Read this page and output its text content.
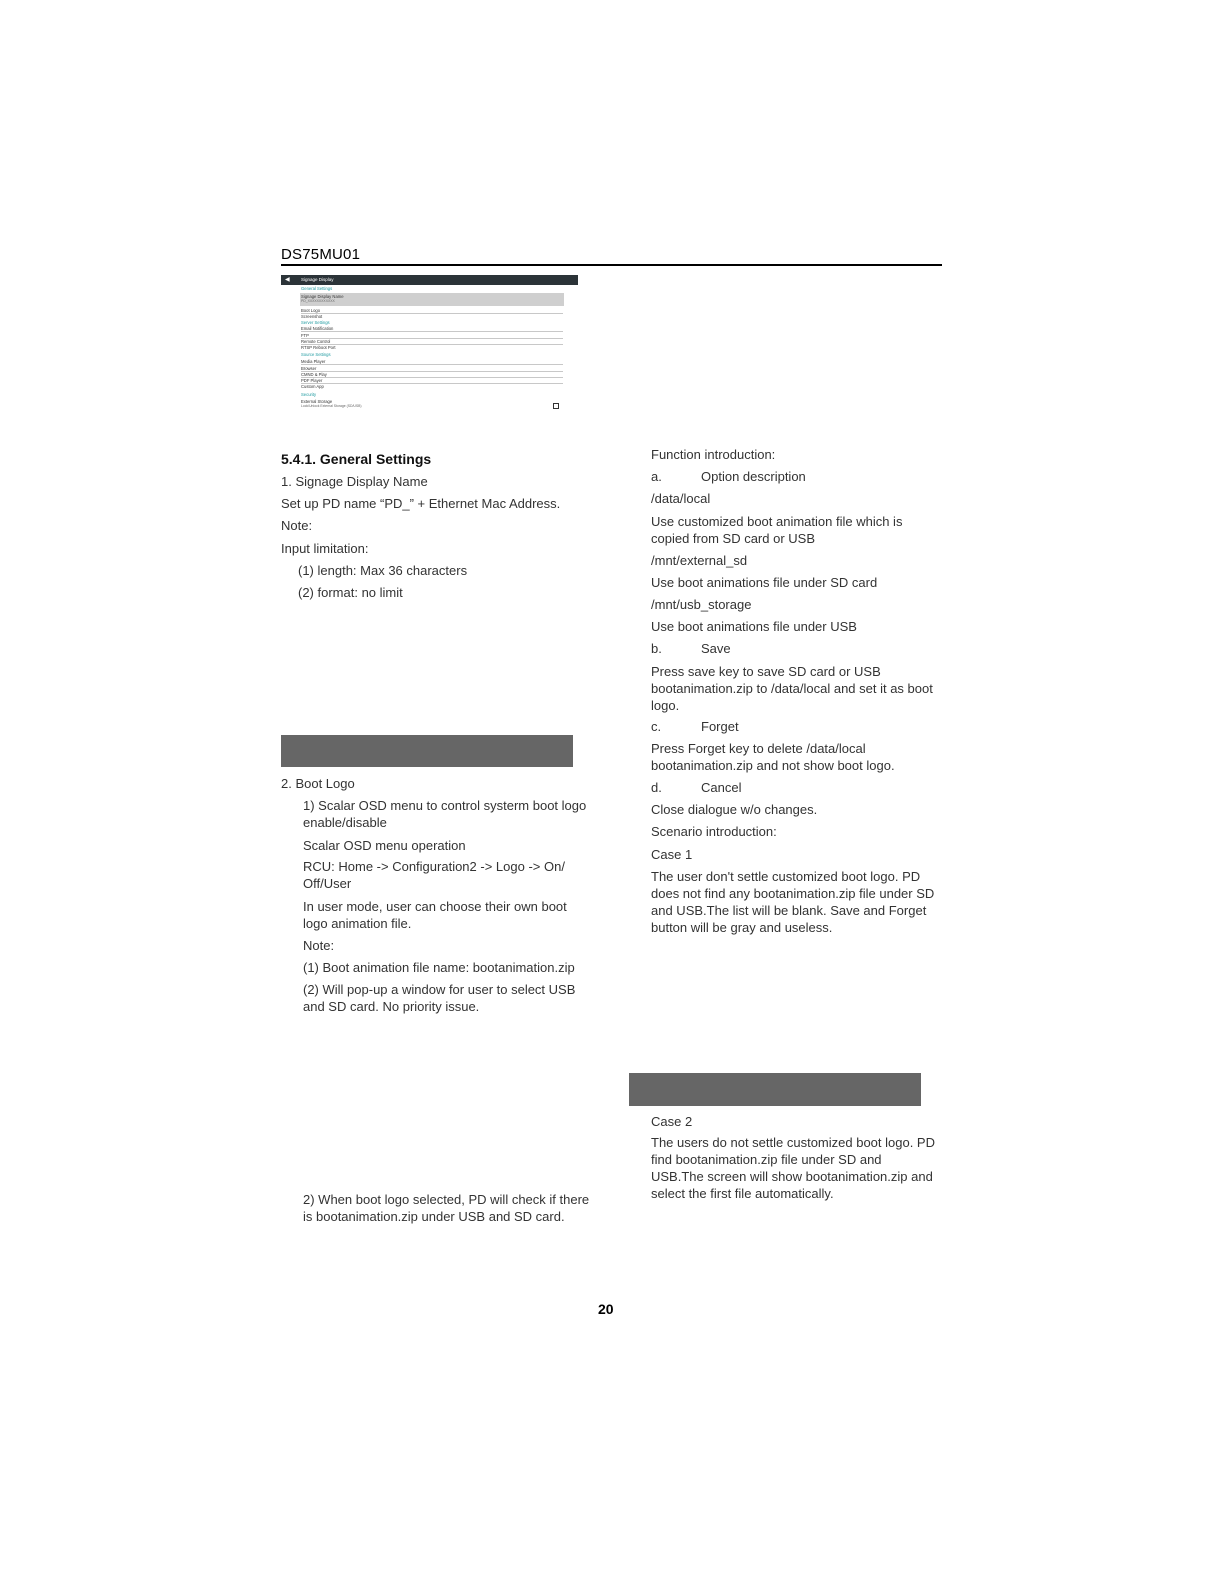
DS75MU01
◀	Signage Display
General Settings
Signage Display Name
PD_XXXXXXXXXXXX
Boot Logo
Screenshot
Server Settings
Email Notification
FTP
Remote Control
RTSP Reboot Port
Source Settings
Media Player
Browser
CMND & Play
PDF Player
Custom App
Security
External Storage
Lock/Unlock External Storage (SD/USB)
5.4.1. General Settings
1. Signage Display Name
Set up PD name “PD_” + Ethernet Mac Address.
Note:
Input limitation:
(1) length: Max 36 characters
(2) format: no limit
2. Boot Logo
1) Scalar OSD menu to control systerm boot logo enable/disable
Scalar OSD menu operation
RCU: Home -> Configuration2 -> Logo -> On/ Off/User
In user mode, user can choose their own boot logo animation file.
Note:
(1) Boot animation file name: bootanimation.zip
(2) Will pop-up a window for user to select USB and SD card. No priority issue.
2) When boot logo selected, PD will check if there is bootanimation.zip under USB and SD card.
Function introduction:
a.	Option description
/data/local
Use customized boot animation file which is copied from SD card or USB
/mnt/external_sd
Use boot animations file under SD card
/mnt/usb_storage
Use boot animations file under USB
b.	Save
Press save key to save SD card or USB bootanimation.zip to /data/local and set it as boot logo.
c.	Forget
Press Forget key to delete /data/local bootanimation.zip and not show boot logo.
d.	Cancel
Close dialogue w/o changes.
Scenario introduction:
Case 1
The user don't settle customized boot logo. PD does not find any bootanimation.zip file under SD and USB.The list will be blank. Save and Forget button will be gray and useless.
Case 2
The users do not settle customized boot logo. PD find bootanimation.zip file under SD and USB.The screen will show bootanimation.zip and select the first file automatically.
20
